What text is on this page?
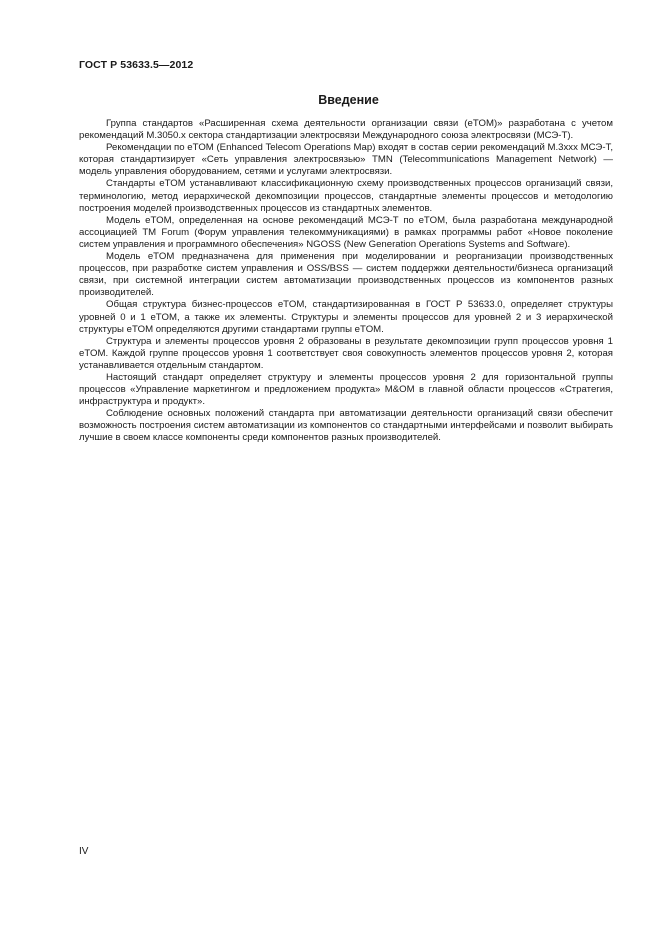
ГОСТ Р 53633.5—2012
Введение

Группа стандартов «Расширенная схема деятельности организации связи (eTOM)» разработана с учетом рекомендаций М.3050.х сектора стандартизации электросвязи Международного союза электросвязи (МСЭ-Т).

Рекомендации по eTOM (Enhanced Telecom Operations Map) входят в состав серии рекомендаций М.3ххх МСЭ-Т, которая стандартизирует «Сеть управления электросвязью» TMN (Telecommunications Management Network) — модель управления оборудованием, сетями и услугами электросвязи.

Стандарты eTOM устанавливают классификационную схему производственных процессов организаций связи, терминологию, метод иерархической декомпозиции процессов, стандартные элементы процессов и методологию построения моделей производственных процессов из стандартных элементов.

Модель eTOM, определенная на основе рекомендаций МСЭ-Т по eTOM, была разработана международной ассоциацией TM Forum (Форум управления телекоммуникациями) в рамках программы работ «Новое поколение систем управления и программного обеспечения» NGOSS (New Generation Operations Systems and Software).

Модель eTOM предназначена для применения при моделировании и реорганизации производственных процессов, при разработке систем управления и OSS/BSS — систем поддержки деятельности/бизнеса организаций связи, при системной интеграции систем автоматизации производственных процессов из компонентов разных производителей.

Общая структура бизнес-процессов eTOM, стандартизированная в ГОСТ Р 53633.0, определяет структуры уровней 0 и 1 eTOM, а также их элементы. Структуры и элементы процессов для уровней 2 и 3 иерархической структуры eTOM определяются другими стандартами группы eTOM.

Структура и элементы процессов уровня 2 образованы в результате декомпозиции групп процессов уровня 1 eTOM. Каждой группе процессов уровня 1 соответствует своя совокупность элементов процессов уровня 2, которая устанавливается отдельным стандартом.

Настоящий стандарт определяет структуру и элементы процессов уровня 2 для горизонтальной группы процессов «Управление маркетингом и предложением продукта» M&OM в главной области процессов «Стратегия, инфраструктура и продукт».

Соблюдение основных положений стандарта при автоматизации деятельности организаций связи обеспечит возможность построения систем автоматизации из компонентов со стандартными интерфейсами и позволит выбирать лучшие в своем классе компоненты среди компонентов разных производителей.

IV
